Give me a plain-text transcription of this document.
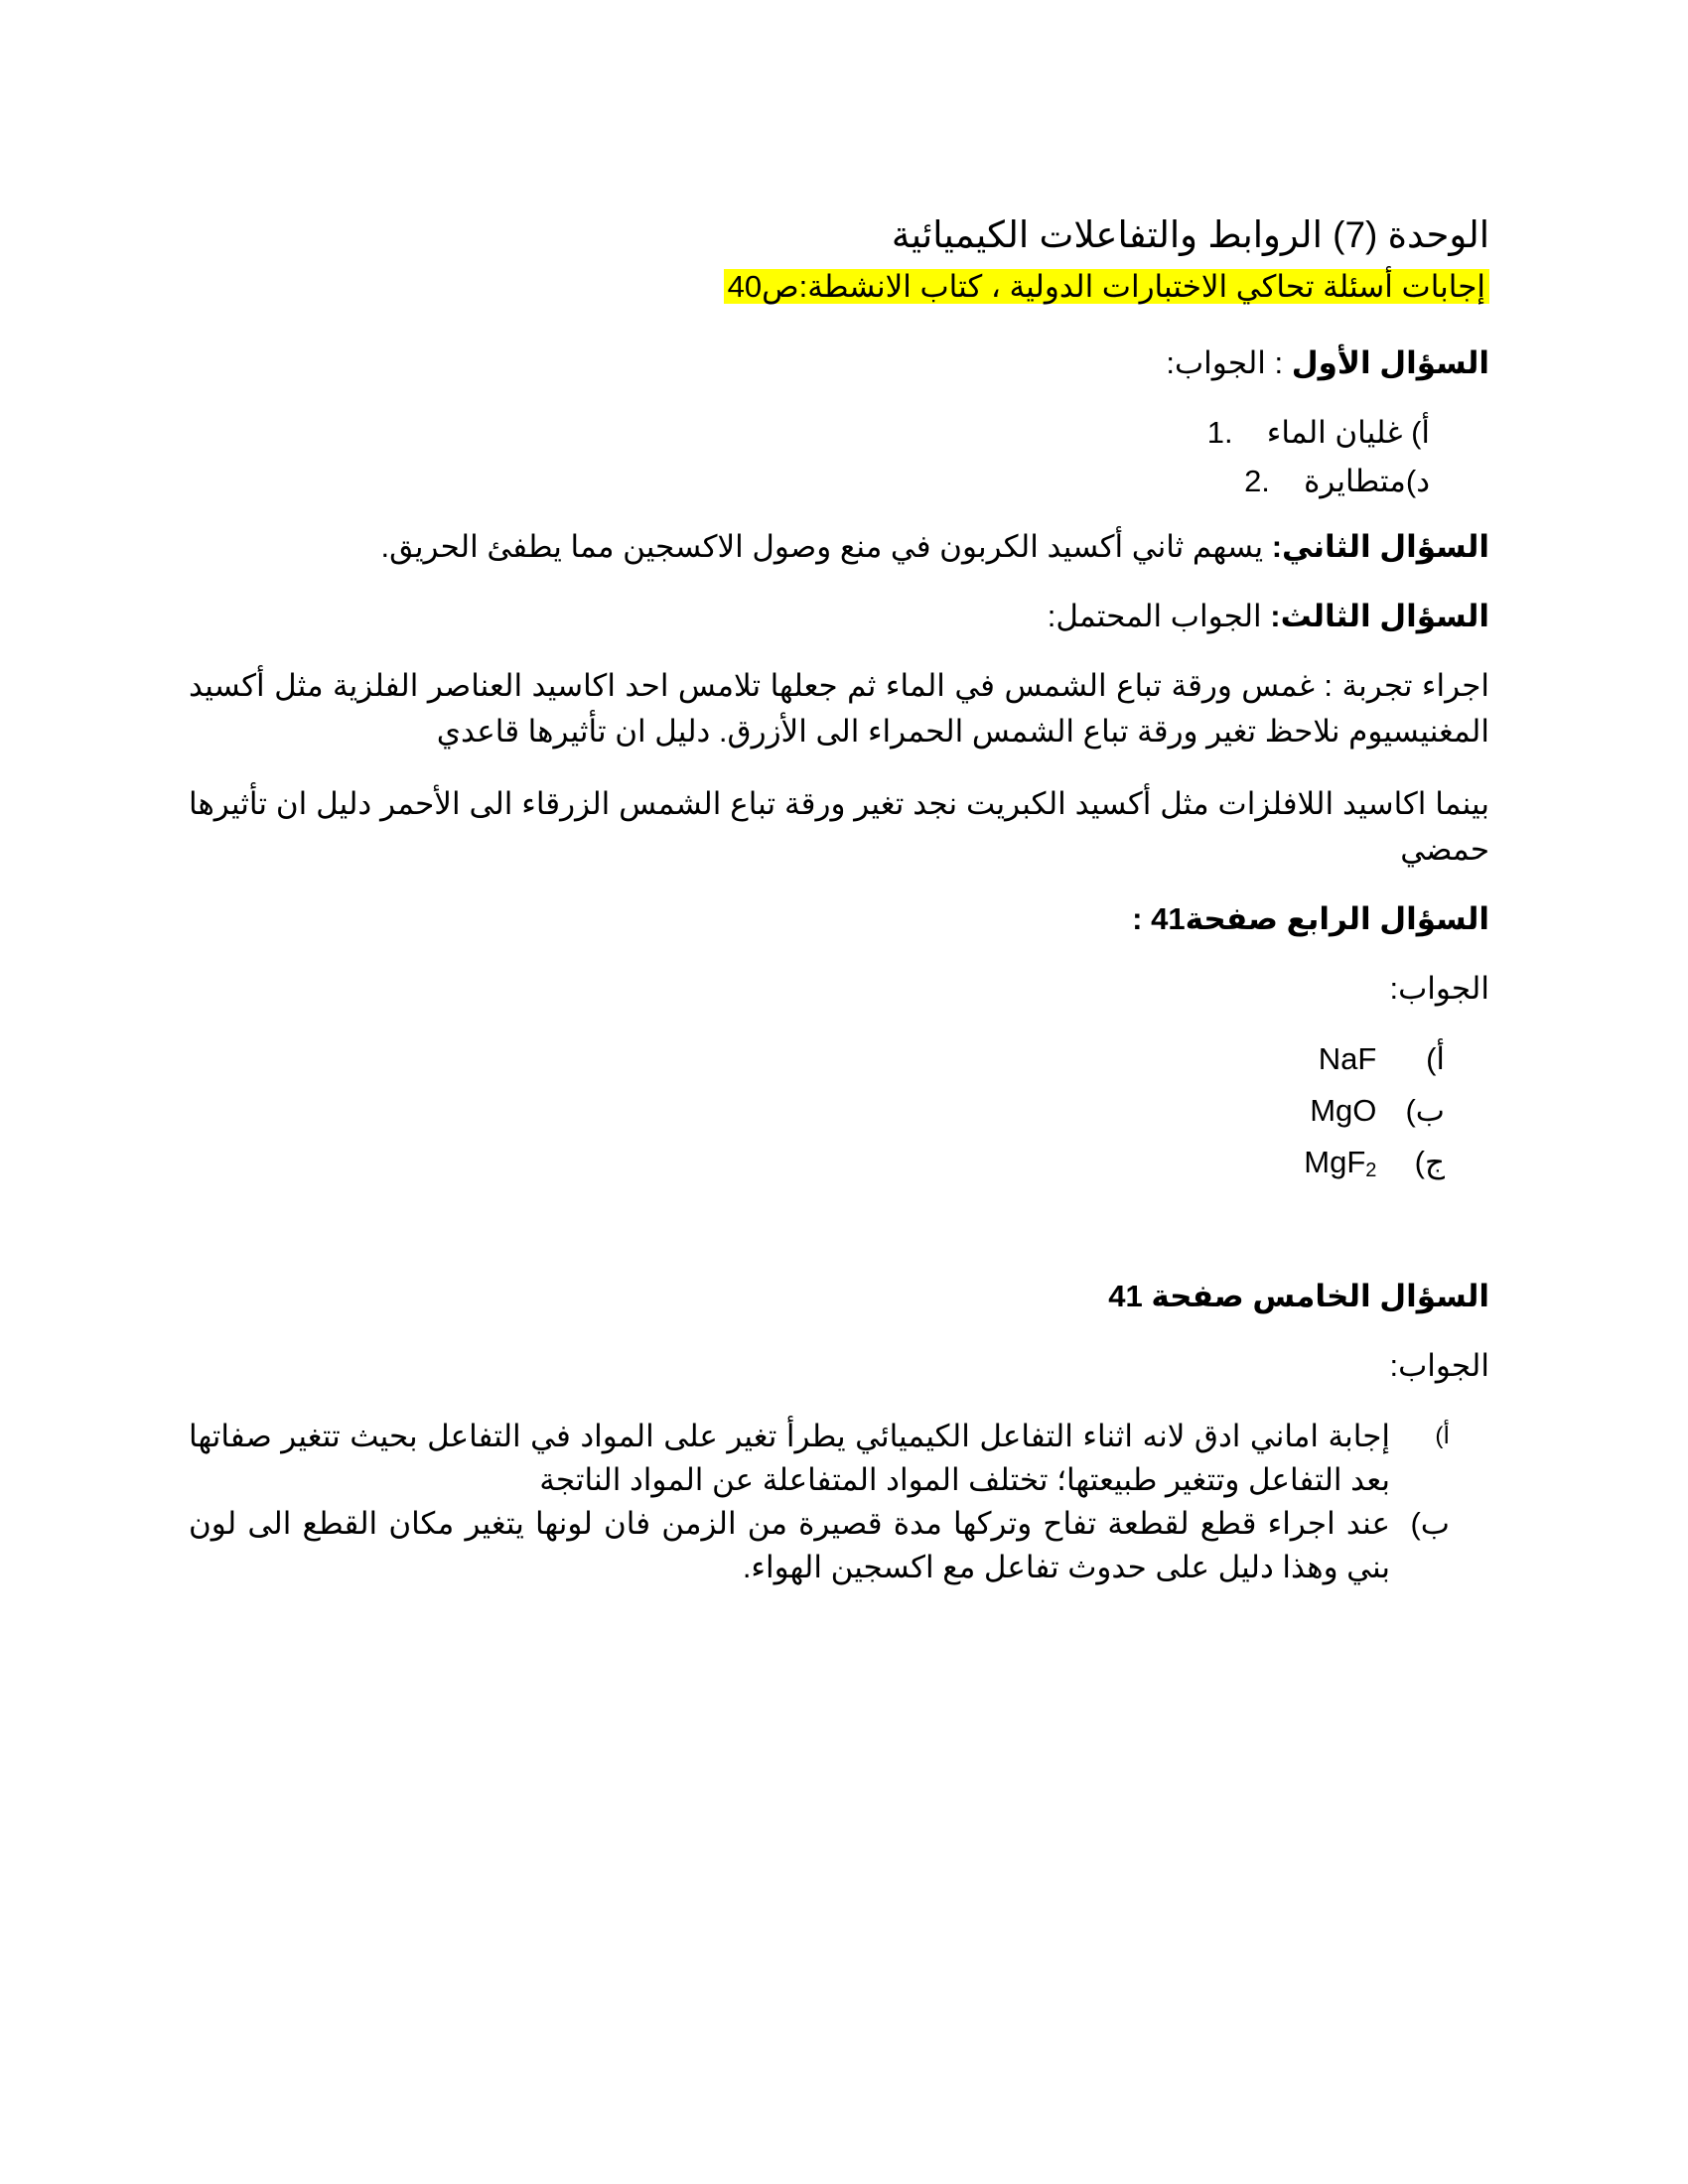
الوحدة (7) الروابط والتفاعلات الكيميائية
إجابات أسئلة تحاكي الاختبارات الدولية ، كتاب الانشطة:ص40
السؤال الأول : الجواب:
أ) غليان الماء1.
د)متطايرة2.
السؤال الثاني: يسهم ثاني أكسيد الكربون في منع وصول الاكسجين مما يطفئ الحريق.
السؤال الثالث: الجواب المحتمل:
اجراء تجربة : غمس ورقة تباع الشمس في الماء ثم جعلها تلامس احد اكاسيد العناصر الفلزية مثل أكسيد المغنيسيوم نلاحظ تغير ورقة تباع الشمس الحمراء الى الأزرق. دليل ان تأثيرها قاعدي
بينما اكاسيد اللافلزات مثل أكسيد الكبريت نجد تغير ورقة تباع الشمس الزرقاء الى الأحمر دليل ان تأثيرها حمضي
السؤال الرابع صفحة41 :
الجواب:
أ) NaF
ب) MgO
ج) MgF$_2$
السؤال الخامس صفحة 41
الجواب:
أ)
إجابة اماني ادق لانه اثناء التفاعل الكيميائي يطرأ تغير على المواد في التفاعل بحيث تتغير صفاتها بعد التفاعل وتتغير طبيعتها؛ تختلف المواد المتفاعلة عن المواد الناتجة
ب)
عند اجراء قطع لقطعة تفاح وتركها مدة قصيرة من الزمن فان لونها يتغير مكان القطع الى لون بني وهذا دليل على حدوث تفاعل مع اكسجين الهواء.
